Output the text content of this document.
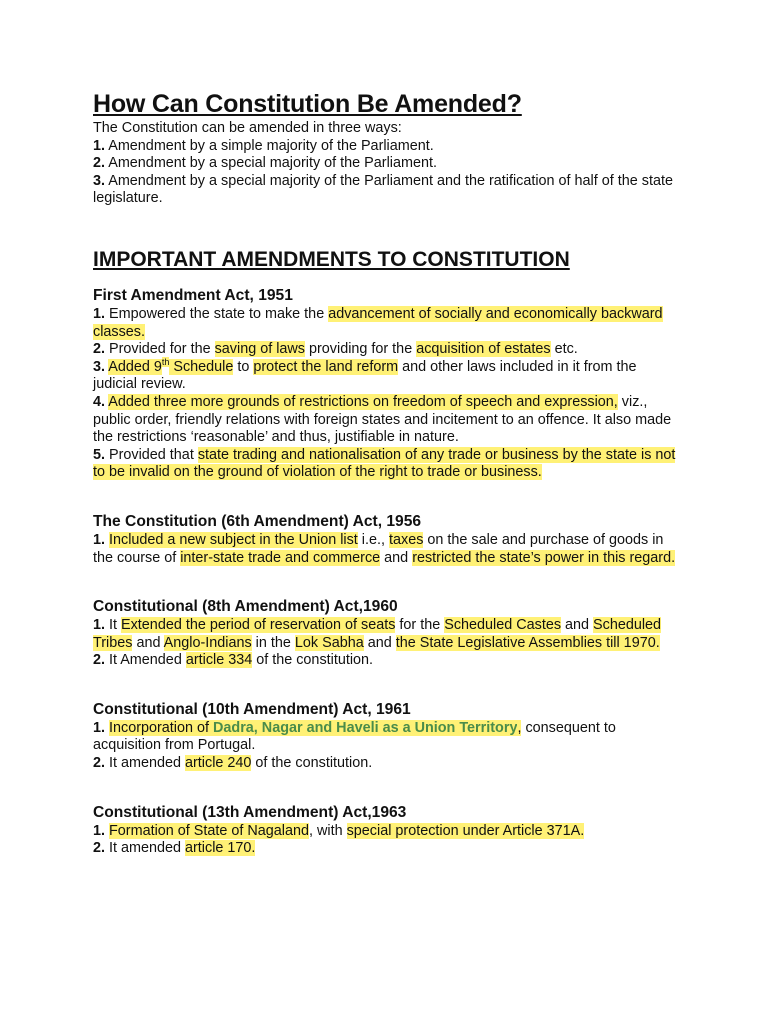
How Can Constitution Be Amended?

The Constitution can be amended in three ways:

1. Amendment by a simple majority of the Parliament.

2. Amendment by a special majority of the Parliament.

3. Amendment by a special majority of the Parliament and the ratification of half of the state legislature.

IMPORTANT AMENDMENTS TO CONSTITUTION
First Amendment Act, 1951

1. Empowered the state to make the advancement of socially and economically backward classes.

2. Provided for the saving of laws providing for the acquisition of estates etc.

3. Added 9th Schedule to protect the land reform and other laws included in it from the judicial review.

4. Added three more grounds of restrictions on freedom of speech and expression, viz., public order, friendly relations with foreign states and incitement to an offence. It also made the restrictions ‘reasonable’ and thus, justifiable in nature.

5. Provided that state trading and nationalisation of any trade or business by the state is not to be invalid on the ground of violation of the right to trade or business.

The Constitution (6th Amendment) Act, 1956

1. Included a new subject in the Union list i.e., taxes on the sale and purchase of goods in the course of inter-state trade and commerce and restricted the state’s power in this regard.

Constitutional (8th Amendment) Act,1960

1. It Extended the period of reservation of seats for the Scheduled Castes and Scheduled Tribes and Anglo-Indians in the Lok Sabha and the State Legislative Assemblies till 1970.

2. It Amended article 334 of the constitution.

Constitutional (10th Amendment) Act, 1961

1. Incorporation of Dadra, Nagar and Haveli as a Union Territory, consequent to acquisition from Portugal.

2. It amended article 240 of the constitution.

Constitutional (13th Amendment) Act,1963

1. Formation of State of Nagaland, with special protection under Article 371A.

2. It amended article 170.
